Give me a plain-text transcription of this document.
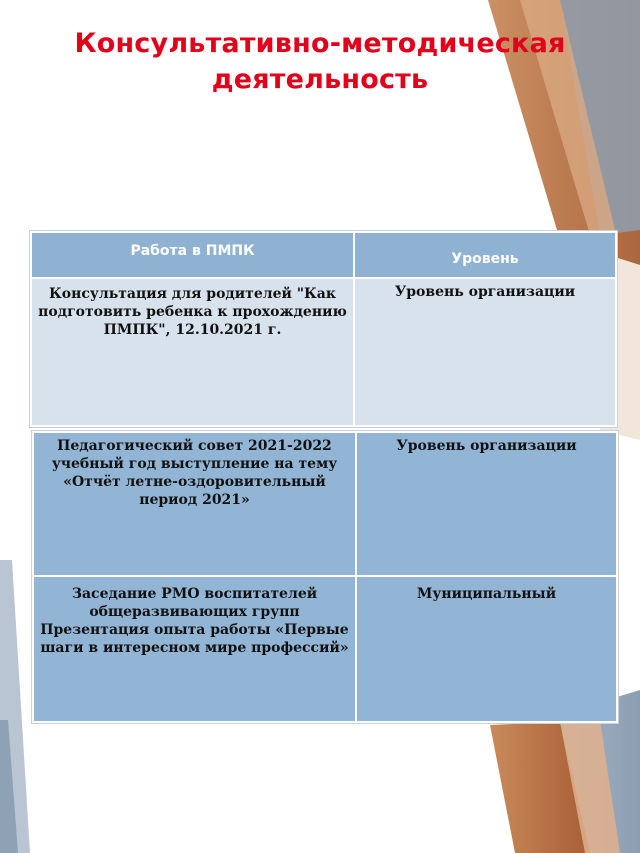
Консультативно-методическая деятельность
Работа в ПМПК	Уровень
Консультация для родителей "Как подготовить ребенка к прохождению ПМПК", 12.10.2021 г.	Уровень организации
Педагогический совет 2021-2022 учебный год выступление на тему «Отчёт летне-оздоровительный период 2021»	Уровень организации
Заседание РМО воспитателей общеразвивающих групп Презентация опыта работы «Первые шаги в интересном мире профессий»	Муниципальный
